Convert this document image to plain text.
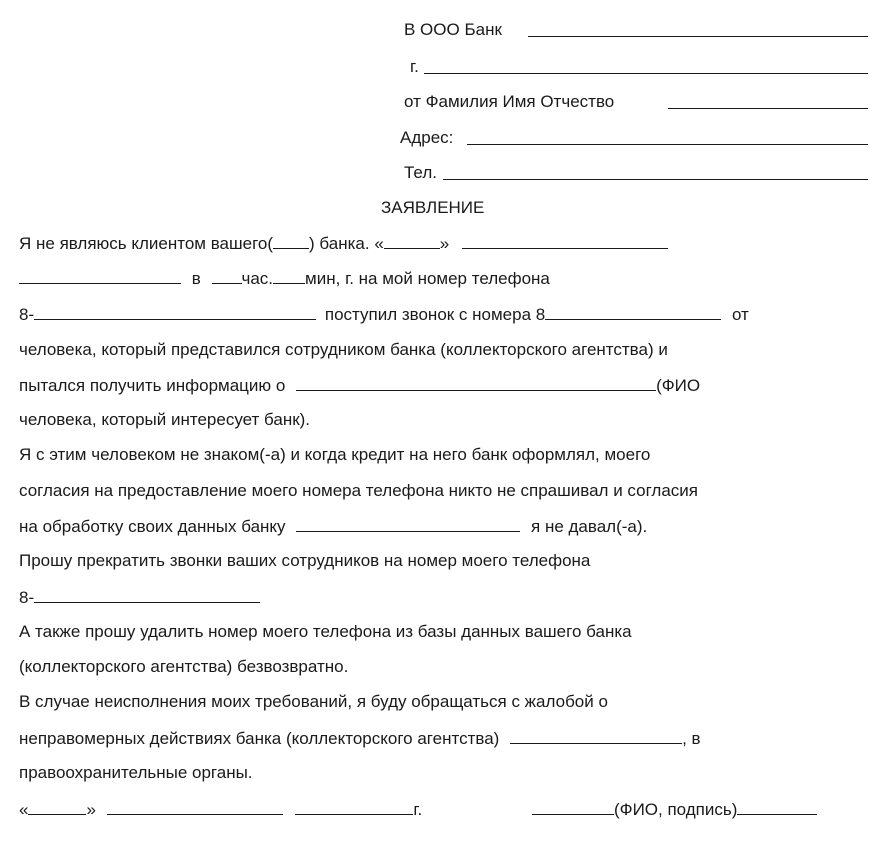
В ООО Банк
г.
от Фамилия Имя Отчество
Адрес:
Тел.
ЗАЯВЛЕНИЕ
Я не являюсь клиентом вашего( ) банка. «	»
в час. мин, г. на мой номер телефона
8-	поступил звонок с номера 8	от
человека, который представился сотрудником банка (коллекторского агентства) и
пытался получить информацию о	(ФИО
человека, который интересует банк).
Я с этим человеком не знаком(-а) и когда кредит на него банк оформлял, моего
согласия на предоставление моего номера телефона никто не спрашивал и согласия
на обработку своих данных банку	я не давал(-а).
Прошу прекратить звонки ваших сотрудников на номер моего телефона
8-
А также прошу удалить номер моего телефона из базы данных вашего банка
(коллекторского агентства) безвозвратно.
В случае неисполнения моих требований, я буду обращаться с жалобой о
неправомерных действиях банка (коллекторского агентства)	, в
правоохранительные органы.
«	»	г.	(ФИО, подпись)
